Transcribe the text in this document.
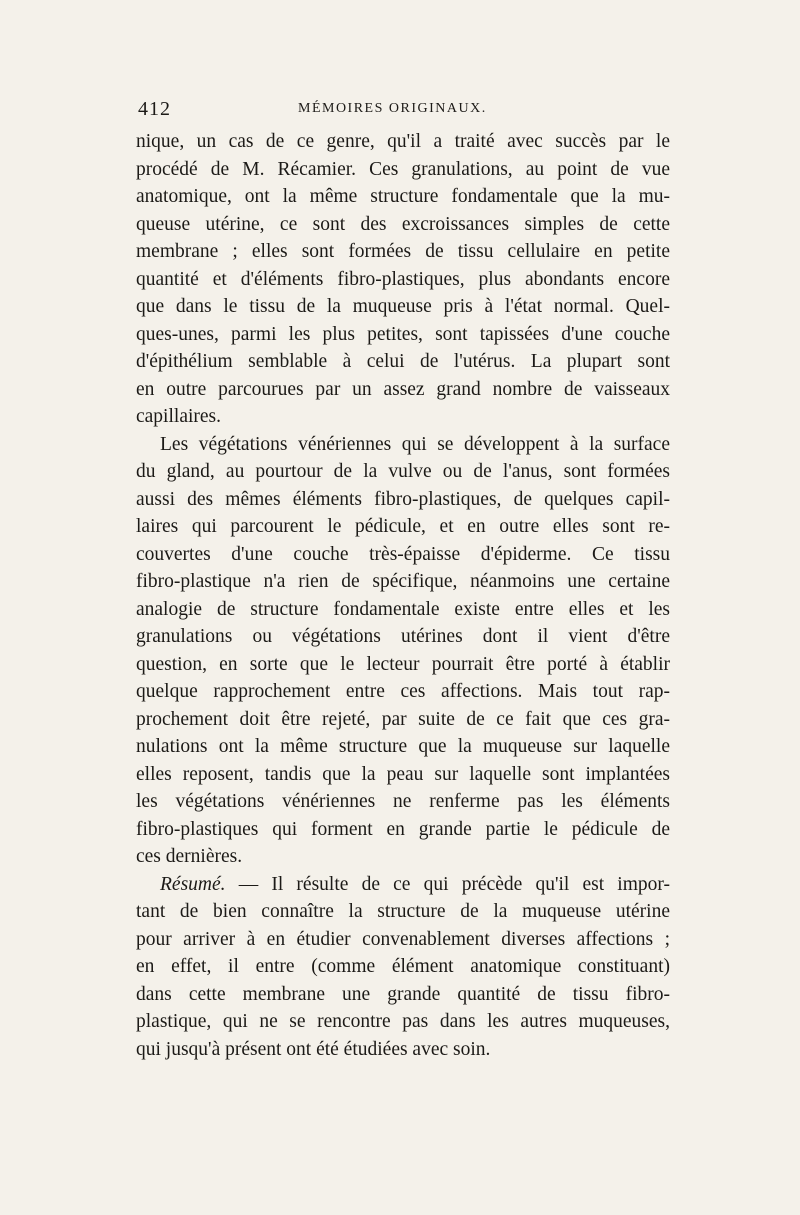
412	MÉMOIRES ORIGINAUX.
nique, un cas de ce genre, qu'il a traité avec succès par le
procédé de M. Récamier. Ces granulations, au point de vue
anatomique, ont la même structure fondamentale que la mu-
queuse utérine, ce sont des excroissances simples de cette
membrane ; elles sont formées de tissu cellulaire en petite
quantité et d'éléments fibro-plastiques, plus abondants encore
que dans le tissu de la muqueuse pris à l'état normal. Quel-
ques-unes, parmi les plus petites, sont tapissées d'une couche
d'épithélium semblable à celui de l'utérus. La plupart sont
en outre parcourues par un assez grand nombre de vaisseaux
capillaires.
Les végétations vénériennes qui se développent à la surface
du gland, au pourtour de la vulve ou de l'anus, sont formées
aussi des mêmes éléments fibro-plastiques, de quelques capil-
laires qui parcourent le pédicule, et en outre elles sont re-
couvertes d'une couche très-épaisse d'épiderme. Ce tissu
fibro-plastique n'a rien de spécifique, néanmoins une certaine
analogie de structure fondamentale existe entre elles et les
granulations ou végétations utérines dont il vient d'être
question, en sorte que le lecteur pourrait être porté à établir
quelque rapprochement entre ces affections. Mais tout rap-
prochement doit être rejeté, par suite de ce fait que ces gra-
nulations ont la même structure que la muqueuse sur laquelle
elles reposent, tandis que la peau sur laquelle sont implantées
les végétations vénériennes ne renferme pas les éléments
fibro-plastiques qui forment en grande partie le pédicule de
ces dernières.
Résumé. — Il résulte de ce qui précède qu'il est impor-
tant de bien connaître la structure de la muqueuse utérine
pour arriver à en étudier convenablement diverses affections ;
en effet, il entre (comme élément anatomique constituant)
dans cette membrane une grande quantité de tissu fibro-
plastique, qui ne se rencontre pas dans les autres muqueuses,
qui jusqu'à présent ont été étudiées avec soin.
